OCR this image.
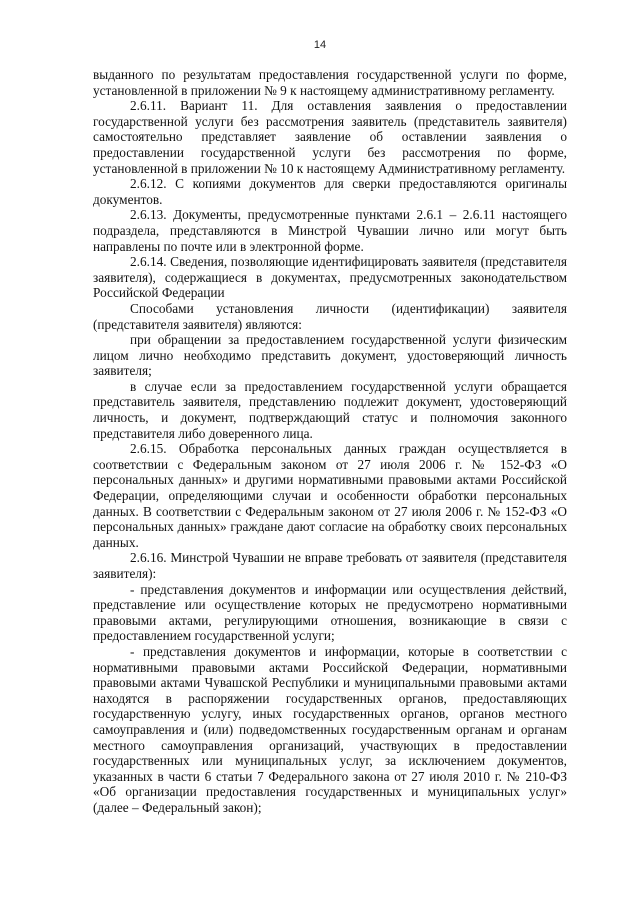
14

выданного по результатам предоставления государственной услуги по форме, установленной в приложении № 9 к настоящему административному регламенту.

2.6.11. Вариант 11. Для оставления заявления о предоставлении государственной услуги без рассмотрения заявитель (представитель заявителя) самостоятельно представляет заявление об оставлении заявления о предоставлении государственной услуги без рассмотрения по форме, установленной в приложении № 10 к настоящему Административному регламенту.

2.6.12. С копиями документов для сверки предоставляются оригиналы документов.

2.6.13. Документы, предусмотренные пунктами 2.6.1 – 2.6.11 настоящего подраздела, представляются в Минстрой Чувашии лично или могут быть направлены по почте или в электронной форме.

2.6.14. Сведения, позволяющие идентифицировать заявителя (представителя заявителя), содержащиеся в документах, предусмотренных законодательством Российской Федерации

Способами установления личности (идентификации) заявителя (представителя заявителя) являются:

при обращении за предоставлением государственной услуги физическим лицом лично необходимо представить документ, удостоверяющий личность заявителя;

в случае если за предоставлением государственной услуги обращается представитель заявителя, представлению подлежит документ, удостоверяющий личность, и документ, подтверждающий статус и полномочия законного представителя либо доверенного лица.

2.6.15. Обработка персональных данных граждан осуществляется в соответствии с Федеральным законом от 27 июля 2006 г. № 152-ФЗ «О персональных данных» и другими нормативными правовыми актами Российской Федерации, определяющими случаи и особенности обработки персональных данных. В соответствии с Федеральным законом от 27 июля 2006 г. № 152-ФЗ «О персональных данных» граждане дают согласие на обработку своих персональных данных.

2.6.16. Минстрой Чувашии не вправе требовать от заявителя (представителя заявителя):

- представления документов и информации или осуществления действий, представление или осуществление которых не предусмотрено нормативными правовыми актами, регулирующими отношения, возникающие в связи с предоставлением государственной услуги;

- представления документов и информации, которые в соответствии с нормативными правовыми актами Российской Федерации, нормативными правовыми актами Чувашской Республики и муниципальными правовыми актами находятся в распоряжении государственных органов, предоставляющих государственную услугу, иных государственных органов, органов местного самоуправления и (или) подведомственных государственным органам и органам местного самоуправления организаций, участвующих в предоставлении государственных или муниципальных услуг, за исключением документов, указанных в части 6 статьи 7 Федерального закона от 27 июля 2010 г. № 210-ФЗ «Об организации предоставления государственных и муниципальных услуг» (далее – Федеральный закон);
